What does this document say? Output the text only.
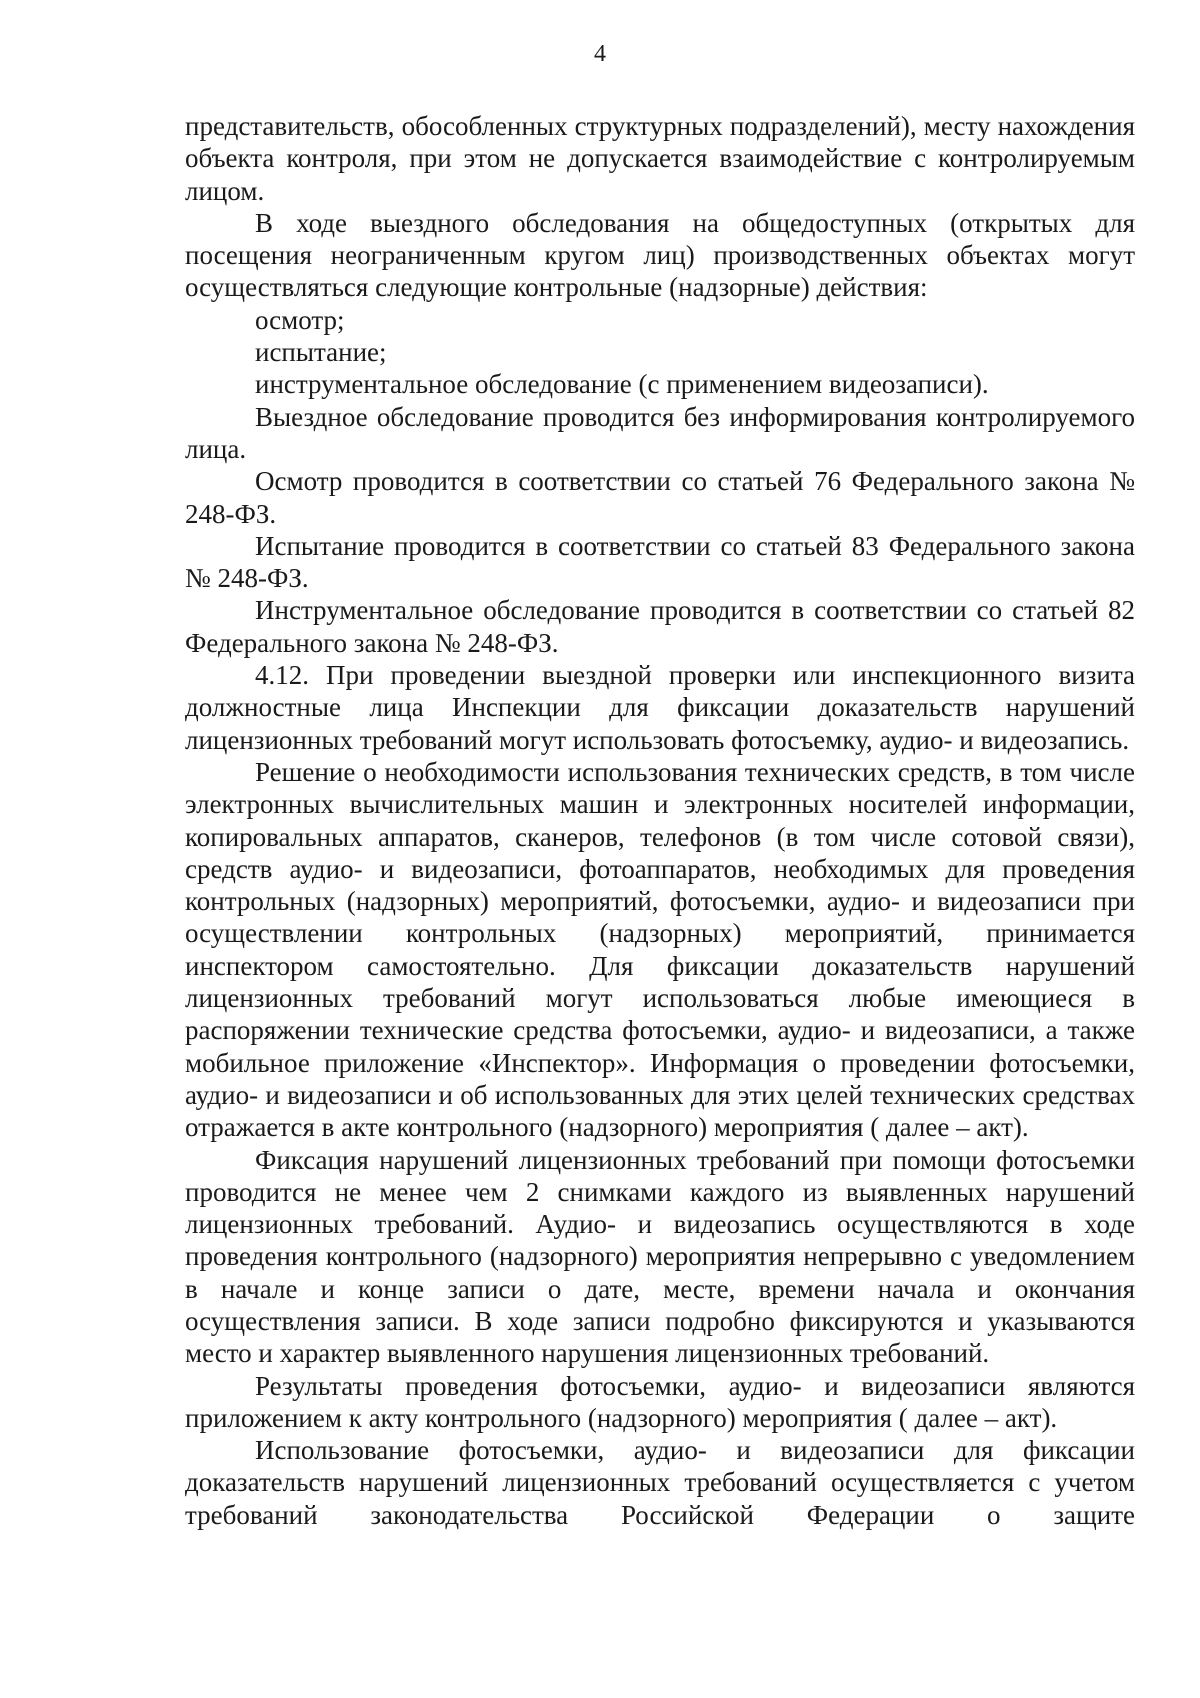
4

представительств, обособленных структурных подразделений), месту нахождения объекта контроля, при этом не допускается взаимодействие с контролируемым лицом.

В ходе выездного обследования на общедоступных (открытых для посещения неограниченным кругом лиц) производственных объектах могут осуществляться следующие контрольные (надзорные) действия:

осмотр;

испытание;

инструментальное обследование (с применением видеозаписи).

Выездное обследование проводится без информирования контролируемого лица.

Осмотр проводится в соответствии со статьей 76 Федерального закона № 248-ФЗ.

Испытание проводится в соответствии со статьей 83 Федерального закона № 248-ФЗ.

Инструментальное обследование проводится в соответствии со статьей 82 Федерального закона № 248-ФЗ.

4.12. При проведении выездной проверки или инспекционного визита должностные лица Инспекции для фиксации доказательств нарушений лицензионных требований могут использовать фотосъемку, аудио- и видеозапись.

Решение о необходимости использования технических средств, в том числе электронных вычислительных машин и электронных носителей информации, копировальных аппаратов, сканеров, телефонов (в том числе сотовой связи), средств аудио- и видеозаписи, фотоаппаратов, необходимых для проведения контрольных (надзорных) мероприятий, фотосъемки, аудио- и видеозаписи при осуществлении контрольных (надзорных) мероприятий, принимается инспектором самостоятельно. Для фиксации доказательств нарушений лицензионных требований могут использоваться любые имеющиеся в распоряжении технические средства фотосъемки, аудио- и видеозаписи, а также мобильное приложение «Инспектор». Информация о проведении фотосъемки, аудио- и видеозаписи и об использованных для этих целей технических средствах отражается в акте контрольного (надзорного) мероприятия ( далее – акт).

Фиксация нарушений лицензионных требований при помощи фотосъемки проводится не менее чем 2 снимками каждого из выявленных нарушений лицензионных требований. Аудио- и видеозапись осуществляются в ходе проведения контрольного (надзорного) мероприятия непрерывно с уведомлением в начале и конце записи о дате, месте, времени начала и окончания осуществления записи. В ходе записи подробно фиксируются и указываются место и характер выявленного нарушения лицензионных требований.

Результаты проведения фотосъемки, аудио- и видеозаписи являются приложением к акту контрольного (надзорного) мероприятия ( далее – акт).

Использование фотосъемки, аудио- и видеозаписи для фиксации доказательств нарушений лицензионных требований осуществляется с учетом требований законодательства Российской Федерации о защите
